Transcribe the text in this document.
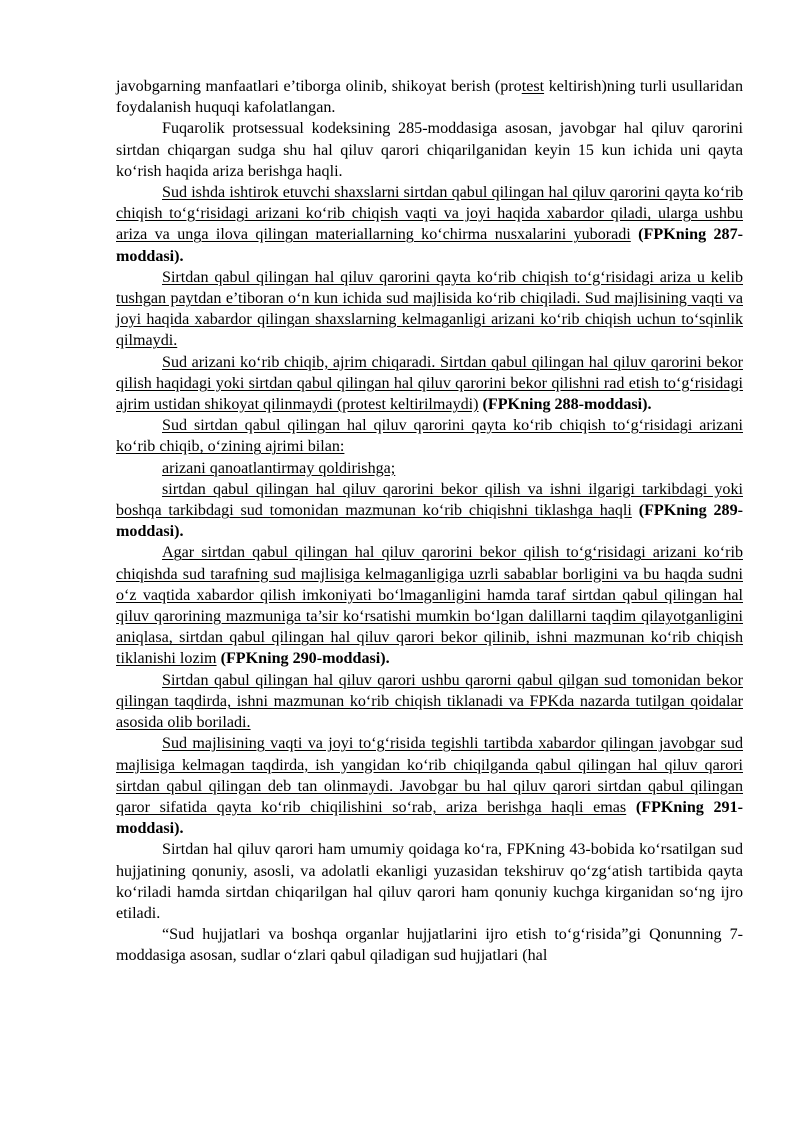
javobgarning manfaatlari e’tiborga olinib, shikoyat berish (protest keltirish)ning turli usullaridan foydalanish huquqi kafolatlangan.

Fuqarolik protsessual kodeksining 285-moddasiga asosan, javobgar hal qiluv qarorini sirtdan chiqargan sudga shu hal qiluv qarori chiqarilganidan keyin 15 kun ichida uni qayta ko‘rish haqida ariza berishga haqli.

Sud ishda ishtirok etuvchi shaxslarni sirtdan qabul qilingan hal qiluv qarorini qayta ko‘rib chiqish to‘g‘risidagi arizani ko‘rib chiqish vaqti va joyi haqida xabardor qiladi, ularga ushbu ariza va unga ilova qilingan materiallarning ko‘chirma nusxalarini yuboradi (FPKning 287-moddasi).

Sirtdan qabul qilingan hal qiluv qarorini qayta ko‘rib chiqish to‘g‘risidagi ariza u kelib tushgan paytdan e’tiboran o‘n kun ichida sud majlisida ko‘rib chiqiladi. Sud majlisining vaqti va joyi haqida xabardor qilingan shaxslarning kelmaganligi arizani ko‘rib chiqish uchun to‘sqinlik qilmaydi.

Sud arizani ko‘rib chiqib, ajrim chiqaradi. Sirtdan qabul qilingan hal qiluv qarorini bekor qilish haqidagi yoki sirtdan qabul qilingan hal qiluv qarorini bekor qilishni rad etish to‘g‘risidagi ajrim ustidan shikoyat qilinmaydi (protest keltirilmaydi) (FPKning 288-moddasi).

Sud sirtdan qabul qilingan hal qiluv qarorini qayta ko‘rib chiqish to‘g‘risidagi arizani ko‘rib chiqib, o‘zining ajrimi bilan:

arizani qanoatlantirmay qoldirishga;

sirtdan qabul qilingan hal qiluv qarorini bekor qilish va ishni ilgarigi tarkibdagi yoki boshqa tarkibdagi sud tomonidan mazmunan ko‘rib chiqishni tiklashga haqli (FPKning 289-moddasi).

Agar sirtdan qabul qilingan hal qiluv qarorini bekor qilish to‘g‘risidagi arizani ko‘rib chiqishda sud tarafning sud majlisiga kelmaganligiga uzrli sabablar borligini va bu haqda sudni o‘z vaqtida xabardor qilish imkoniyati bo‘lmaganligini hamda taraf sirtdan qabul qilingan hal qiluv qarorining mazmuniga ta’sir ko‘rsatishi mumkin bo‘lgan dalillarni taqdim qilayotganligini aniqlasa, sirtdan qabul qilingan hal qiluv qarori bekor qilinib, ishni mazmunan ko‘rib chiqish tiklanishi lozim (FPKning 290-moddasi).

Sirtdan qabul qilingan hal qiluv qarori ushbu qarorni qabul qilgan sud tomonidan bekor qilingan taqdirda, ishni mazmunan ko‘rib chiqish tiklanadi va FPKda nazarda tutilgan qoidalar asosida olib boriladi.

Sud majlisining vaqti va joyi to‘g‘risida tegishli tartibda xabardor qilingan javobgar sud majlisiga kelmagan taqdirda, ish yangidan ko‘rib chiqilganda qabul qilingan hal qiluv qarori sirtdan qabul qilingan deb tan olinmaydi. Javobgar bu hal qiluv qarori sirtdan qabul qilingan qaror sifatida qayta ko‘rib chiqilishini so‘rab, ariza berishga haqli emas (FPKning 291-moddasi).

Sirtdan hal qiluv qarori ham umumiy qoidaga ko‘ra, FPKning 43-bobida ko‘rsatilgan sud hujjatining qonuniy, asosli, va adolatli ekanligi yuzasidan tekshiruv qo‘zg‘atish tartibida qayta ko‘riladi hamda sirtdan chiqarilgan hal qiluv qarori ham qonuniy kuchga kirganidan so‘ng ijro etiladi.

“Sud hujjatlari va boshqa organlar hujjatlarini ijro etish to‘g‘risida”gi Qonunning 7-moddasiga asosan, sudlar o‘zlari qabul qiladigan sud hujjatlari (hal
